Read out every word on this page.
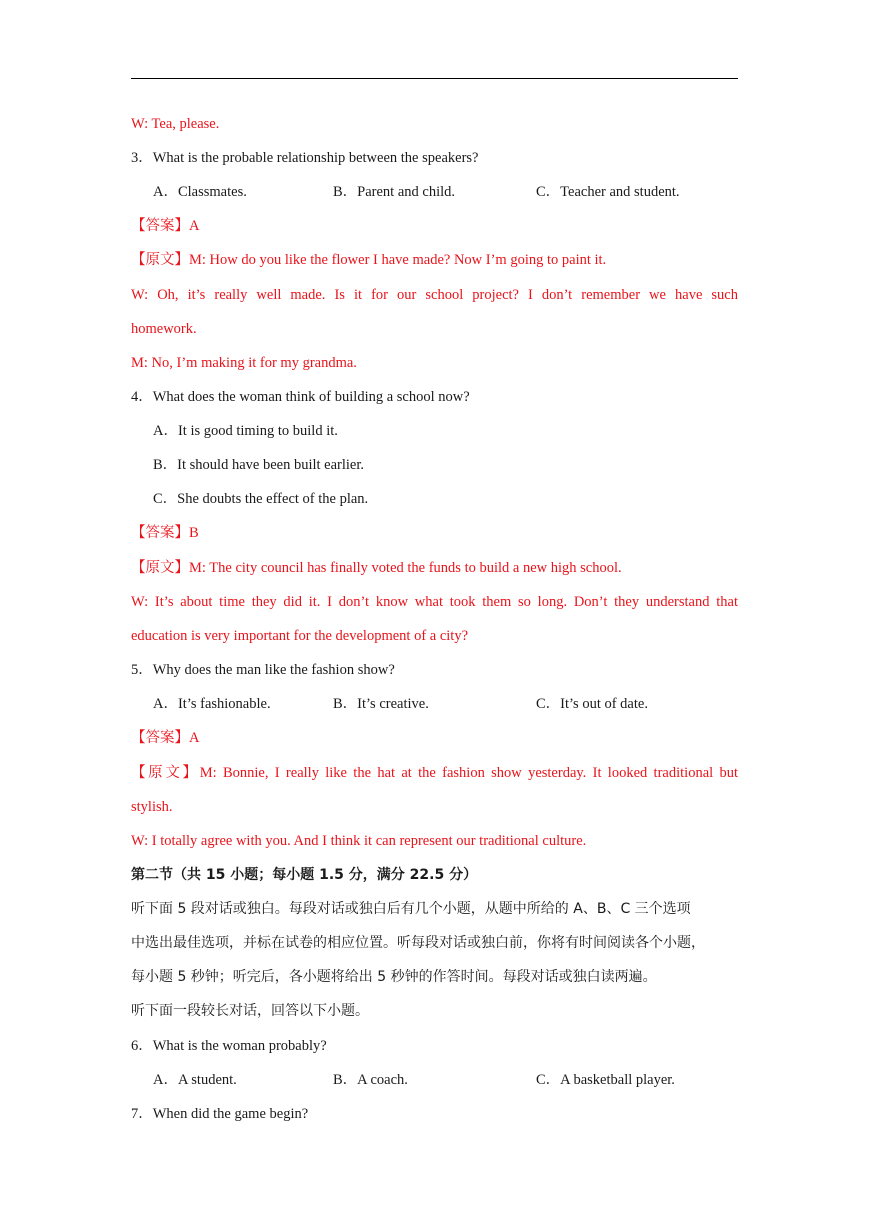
W: Tea, please.
3．What is the probable relationship between the speakers?
A．Classmates.	B．Parent and child.	C．Teacher and student.
【答案】A
【原文】M: How do you like the flower I have made? Now I’m going to paint it.
W: Oh, it’s really well made. Is it for our school project? I don’t remember we have such
homework.
M: No, I’m making it for my grandma.
4．What does the woman think of building a school now?
A．It is good timing to build it.
B．It should have been built earlier.
C．She doubts the effect of the plan.
【答案】B
【原文】M: The city council has finally voted the funds to build a new high school.
W: It’s about time they did it. I don’t know what took them so long. Don’t they understand that
education is very important for the development of a city?
5．Why does the man like the fashion show?
A．It’s fashionable.	B．It’s creative.	C．It’s out of date.
【答案】A
【原文】M: Bonnie, I really like the hat at the fashion show yesterday. It looked traditional but
stylish.
W: I totally agree with you. And I think it can represent our traditional culture.
第二节（共 15 小题；每小题 1.5 分，满分 22.5 分）
听下面 5 段对话或独白。每段对话或独白后有几个小题，从题中所给的 A、B、C 三个选项
中选出最佳选项，并标在试卷的相应位置。听每段对话或独白前，你将有时间阅读各个小题，
每小题 5 秒钟；听完后，各小题将给出 5 秒钟的作答时间。每段对话或独白读两遍。
听下面一段较长对话，回答以下小题。
6．What is the woman probably?
A．A student.	B．A coach.	C．A basketball player.
7．When did the game begin?
